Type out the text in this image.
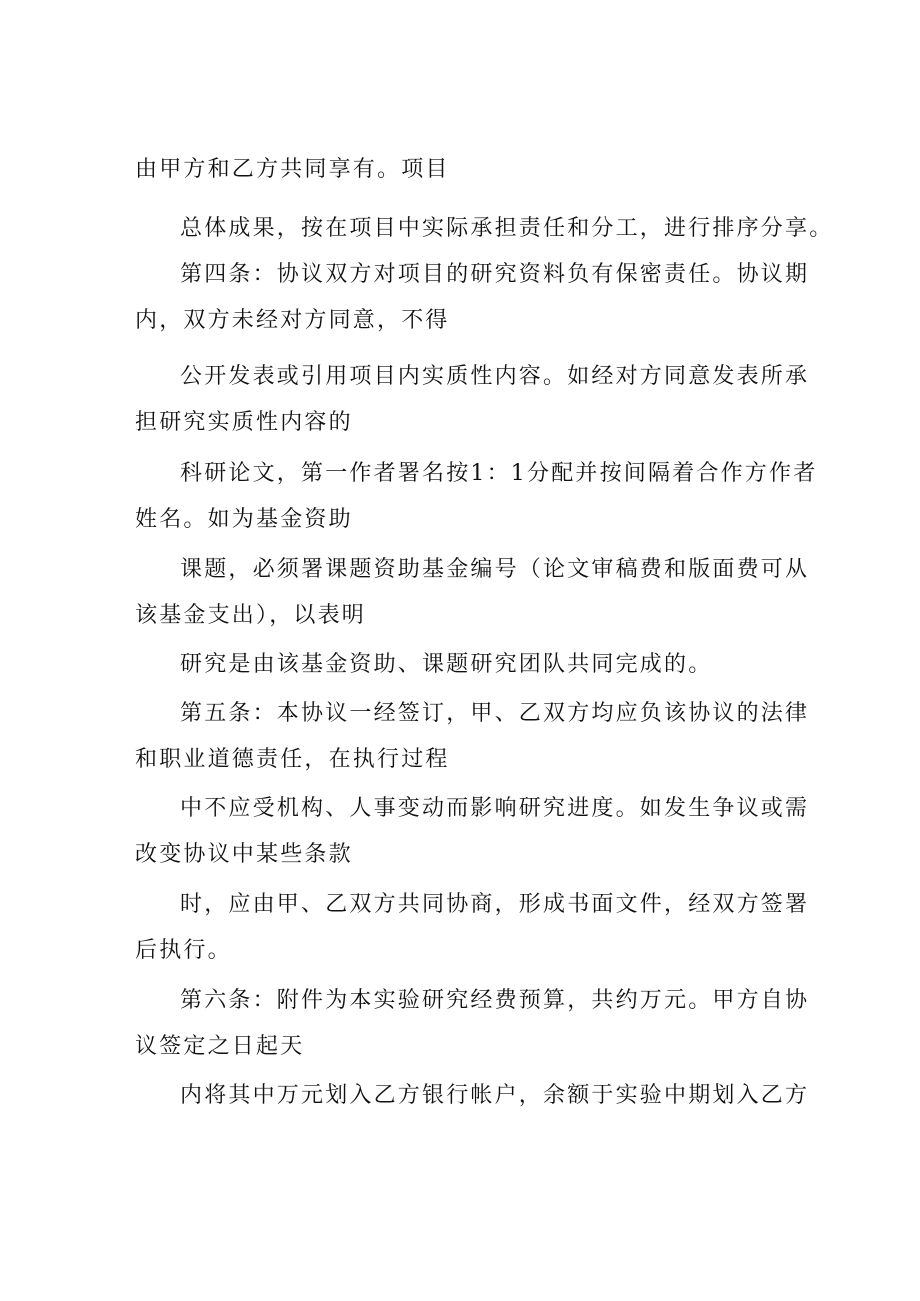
由甲方和乙方共同享有。项目
总体成果，按在项目中实际承担责任和分工，进行排序分享。
第四条：协议双方对项目的研究资料负有保密责任。协议期
内，双方未经对方同意，不得
公开发表或引用项目内实质性内容。如经对方同意发表所承
担研究实质性内容的
科研论文，第一作者署名按1：1分配并按间隔着合作方作者
姓名。如为基金资助
课题，必须署课题资助基金编号（论文审稿费和版面费可从
该基金支出），以表明
研究是由该基金资助、课题研究团队共同完成的。
第五条：本协议一经签订，甲、乙双方均应负该协议的法律
和职业道德责任，在执行过程
中不应受机构、人事变动而影响研究进度。如发生争议或需
改变协议中某些条款
时，应由甲、乙双方共同协商，形成书面文件，经双方签署
后执行。
第六条：附件为本实验研究经费预算，共约万元。甲方自协
议签定之日起天
内将其中万元划入乙方银行帐户，余额于实验中期划入乙方
